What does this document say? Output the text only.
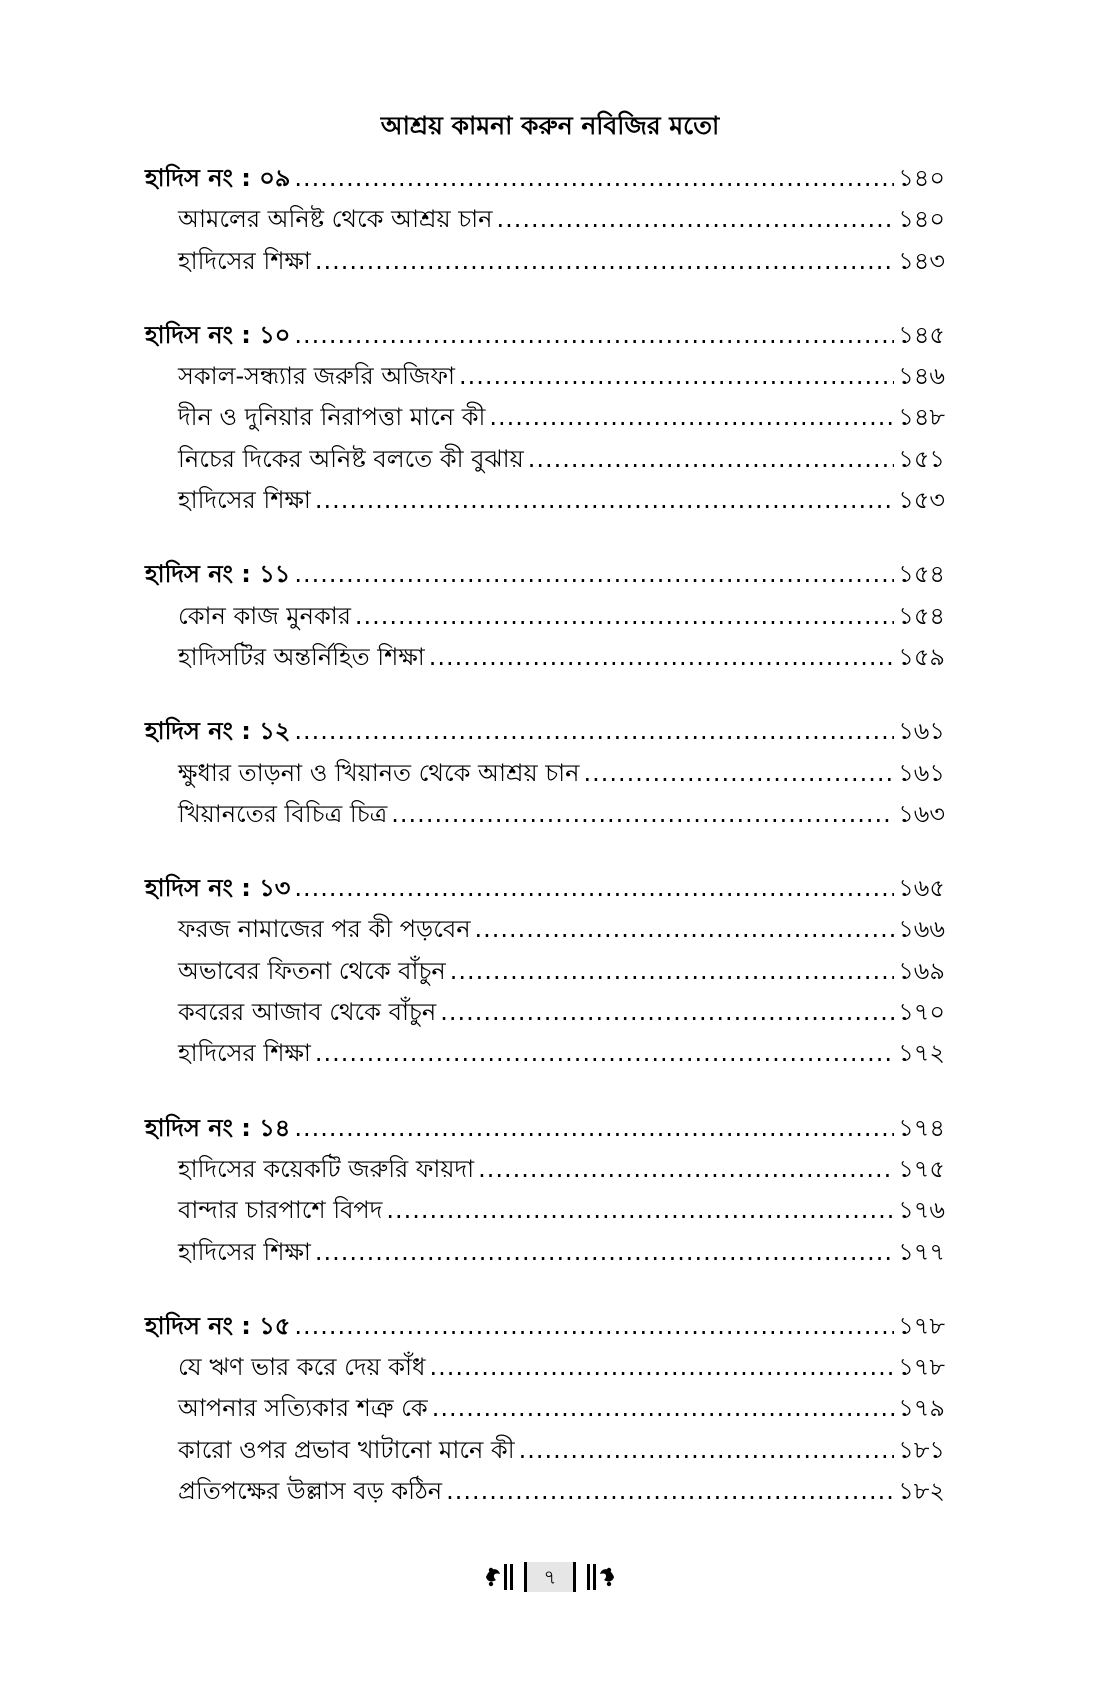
আশ্রয় কামনা করুন নবিজির মতো
হাদিস নং : ০৯ .....	১৪০
আমলের অনিষ্ট থেকে আশ্রয় চান .....	১৪০
হাদিসের শিক্ষা .....	১৪৩
হাদিস নং : ১০ .....	১৪৫
সকাল-সন্ধ্যার জরুরি অজিফা .....	১৪৬
দীন ও দুনিয়ার নিরাপত্তা মানে কী .....	১৪৮
নিচের দিকের অনিষ্ট বলতে কী বুঝায় .....	১৫১
হাদিসের শিক্ষা .....	১৫৩
হাদিস নং : ১১ .....	১৫৪
কোন কাজ মুনকার .....	১৫৪
হাদিসটির অন্তর্নিহিত শিক্ষা .....	১৫৯
হাদিস নং : ১২ .....	১৬১
ক্ষুধার তাড়না ও খিয়ানত থেকে আশ্রয় চান .....	১৬১
খিয়ানতের বিচিত্র চিত্র .....	১৬৩
হাদিস নং : ১৩ .....	১৬৫
ফরজ নামাজের পর কী পড়বেন .....	১৬৬
অভাবের ফিতনা থেকে বাঁচুন .....	১৬৯
কবরের আজাব থেকে বাঁচুন .....	১৭০
হাদিসের শিক্ষা .....	১৭২
হাদিস নং : ১৪ .....	১৭৪
হাদিসের কয়েকটি জরুরি ফায়দা .....	১৭৫
বান্দার চারপাশে বিপদ .....	১৭৬
হাদিসের শিক্ষা .....	১৭৭
হাদিস নং : ১৫ .....	১৭৮
যে ঋণ ভার করে দেয় কাঁধ .....	১৭৮
আপনার সত্যিকার শত্রু কে .....	১৭৯
কারো ওপর প্রভাব খাটানো মানে কী .....	১৮১
প্রতিপক্ষের উল্লাস বড় কঠিন .....	১৮২
৭
